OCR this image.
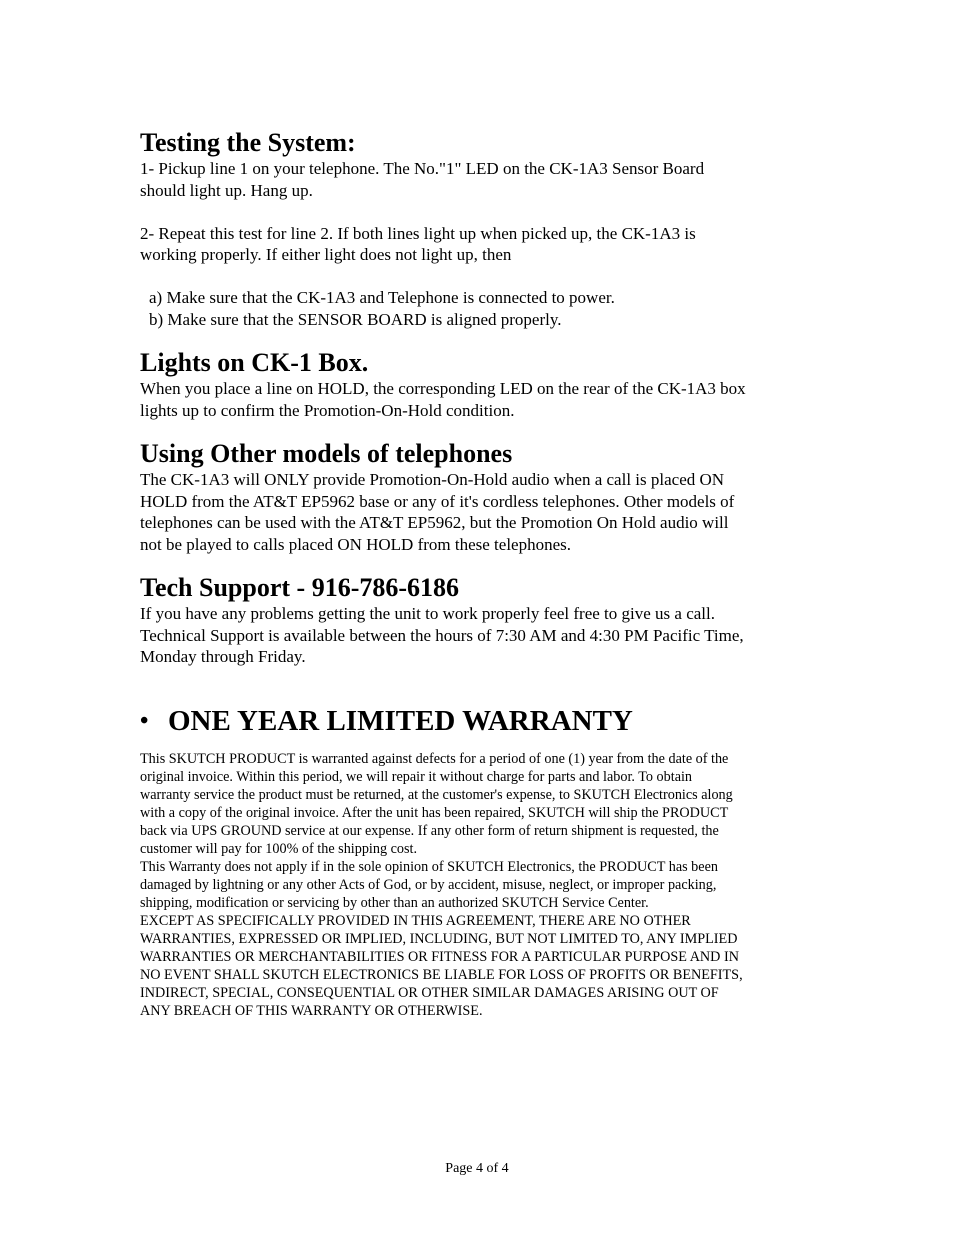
Testing the System:

1- Pickup line 1 on your telephone. The No."1" LED on the CK-1A3 Sensor Board

should light up. Hang up.

2- Repeat this test for line 2. If both lines light up when picked up, the CK-1A3 is

working properly. If either light does not light up, then

a) Make sure that the CK-1A3 and Telephone is connected to power.

b) Make sure that the SENSOR BOARD is aligned properly.

Lights on CK-1 Box.

When you place a line on HOLD, the corresponding LED on the rear of the CK-1A3 box

lights up to confirm the Promotion-On-Hold condition.

Using Other models of telephones

The CK-1A3 will ONLY provide Promotion-On-Hold audio when a call is placed ON

HOLD from the AT&T EP5962 base or any of it's cordless telephones. Other models of

telephones can be used with the AT&T EP5962, but the Promotion On Hold audio will

not be played to calls placed ON HOLD from these telephones.

Tech Support - 916-786-6186

If you have any problems getting the unit to work properly feel free to give us a call.

Technical Support is available between the hours of 7:30 AM and 4:30 PM Pacific Time,

Monday through Friday.

• ONE YEAR LIMITED WARRANTY

This SKUTCH PRODUCT is warranted against defects for a period of one (1) year from the date of the

original invoice. Within this period, we will repair it without charge for parts and labor. To obtain

warranty service the product must be returned, at the customer's expense, to SKUTCH Electronics along

with a copy of the original invoice. After the unit has been repaired, SKUTCH will ship the PRODUCT

back via UPS GROUND service at our expense. If any other form of return shipment is requested, the

customer will pay for 100% of the shipping cost.

This Warranty does not apply if in the sole opinion of SKUTCH Electronics, the PRODUCT has been

damaged by lightning or any other Acts of God, or by accident, misuse, neglect, or improper packing,

shipping, modification or servicing by other than an authorized SKUTCH Service Center.

EXCEPT AS SPECIFICALLY PROVIDED IN THIS AGREEMENT, THERE ARE NO OTHER

WARRANTIES, EXPRESSED OR IMPLIED, INCLUDING, BUT NOT LIMITED TO, ANY IMPLIED

WARRANTIES OR MERCHANTABILITIES OR FITNESS FOR A PARTICULAR PURPOSE AND IN

NO EVENT SHALL SKUTCH ELECTRONICS BE LIABLE FOR LOSS OF PROFITS OR BENEFITS,

INDIRECT, SPECIAL, CONSEQUENTIAL OR OTHER SIMILAR DAMAGES ARISING OUT OF

ANY BREACH OF THIS WARRANTY OR OTHERWISE.

Page 4 of 4
